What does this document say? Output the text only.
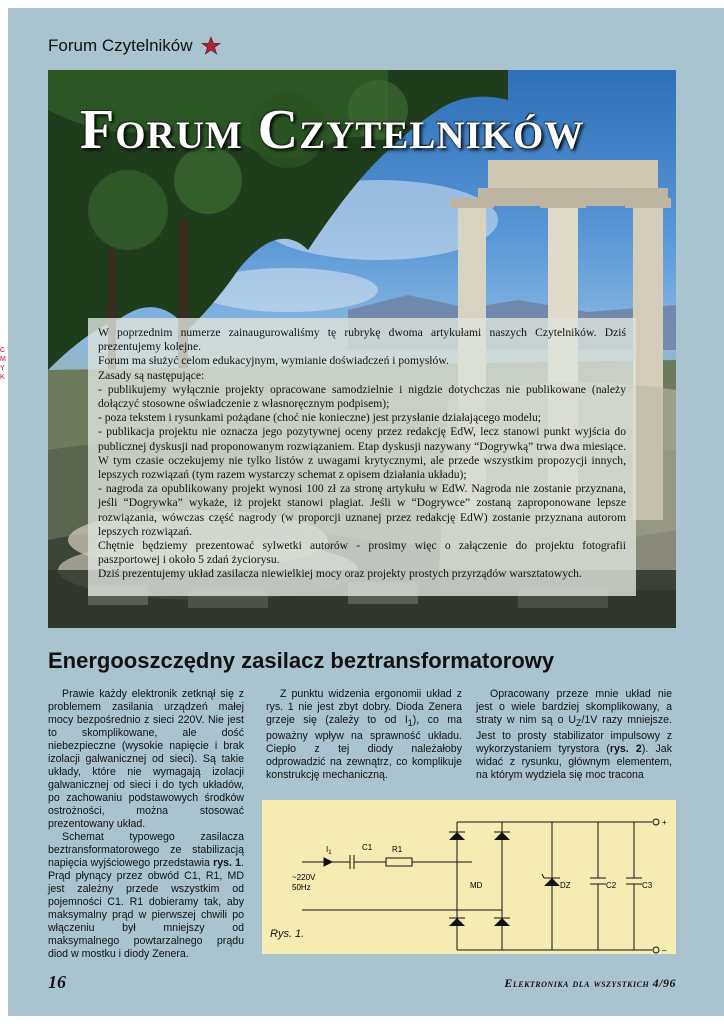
Forum Czytelników
Forum Czytelników

W poprzednim numerze zainaugurowaliśmy tę rubrykę dwoma artykułami naszych Czytelników. Dziś prezentujemy kolejne.

Forum ma służyć celom edukacyjnym, wymianie doświadczeń i pomysłów.

Zasady są następujące:

- publikujemy wyłącznie projekty opracowane samodzielnie i nigdzie dotychczas nie publikowane (należy dołączyć stosowne oświadczenie z własnoręcznym podpisem);

- poza tekstem i rysunkami pożądane (choć nie konieczne) jest przysłanie działającego modelu;

- publikacja projektu nie oznacza jego pozytywnej oceny przez redakcję EdW, lecz stanowi punkt wyjścia do publicznej dyskusji nad proponowanym rozwiązaniem. Etap dyskusji nazywany “Dogrywką” trwa dwa miesiące. W tym czasie oczekujemy nie tylko listów z uwagami krytycznymi, ale przede wszystkim propozycji innych, lepszych rozwiązań (tym razem wystarczy schemat z opisem działania układu);

- nagroda za opublikowany projekt wynosi 100 zł za stronę artykułu w EdW. Nagroda nie zostanie przyznana, jeśli “Dogrywka” wykaże, iż projekt stanowi plagiat. Jeśli w “Dogrywce” zostaną zaproponowane lepsze rozwiązania, wówczas część nagrody (w proporcji uznanej przez redakcję EdW) zostanie przyznana autorom lepszych rozwiązań.

Chętnie będziemy prezentować sylwetki autorów - prosimy więc o załączenie do projektu fotografii paszportowej i około 5 zdań życiorysu.

Dziś prezentujemy układ zasilacza niewielkiej mocy oraz projekty prostych przyrządów warsztatowych.

Energooszczędny zasilacz beztransformatorowy

Prawie każdy elektronik zetknął się z problemem zasilania urządzeń małej mocy bezpośrednio z sieci 220V. Nie jest to skomplikowane, ale dość niebezpieczne (wysokie napięcie i brak izolacji galwanicznej od sieci). Są takie układy, które nie wymagają izolacji galwanicznej od sieci i do tych układów, po zachowaniu podstawowych środków ostrożności, można stosować prezentowany układ.

Schemat typowego zasilacza beztransformatorowego ze stabilizacją napięcia wyjściowego przedstawia rys. 1. Prąd płynący przez obwód C1, R1, MD jest zależny przede wszystkim od pojemności C1. R1 dobieramy tak, aby maksymalny prąd w pierwszej chwili po włączeniu był mniejszy od maksymalnego powtarzalnego prądu diod w mostku i diody Zenera.

Z punktu widzenia ergonomii układ z rys. 1 nie jest zbyt dobry. Dioda Zenera grzeje się (zależy to od $I_1$), co ma poważny wpływ na sprawność układu. Ciepło z tej diody należałoby odprowadzić na zewnątrz, co komplikuje konstrukcję mechaniczną.

Opracowany przeze mnie układ nie jest o wiele bardziej skomplikowany, a straty w nim są o $U_Z/1V$ razy mniejsze. Jest to prosty stabilizator impulsowy z wykorzystaniem tyrystora (rys. 2). Jak widać z rysunku, głównym elementem, na którym wydziela się moc tracona

C1 R1
$I_1$
~220V
50Hz	MD	DZ	C2	C3
+
–
Rys. 1.
16	Elektronika dla wszystkich 4/96
C M Y K
